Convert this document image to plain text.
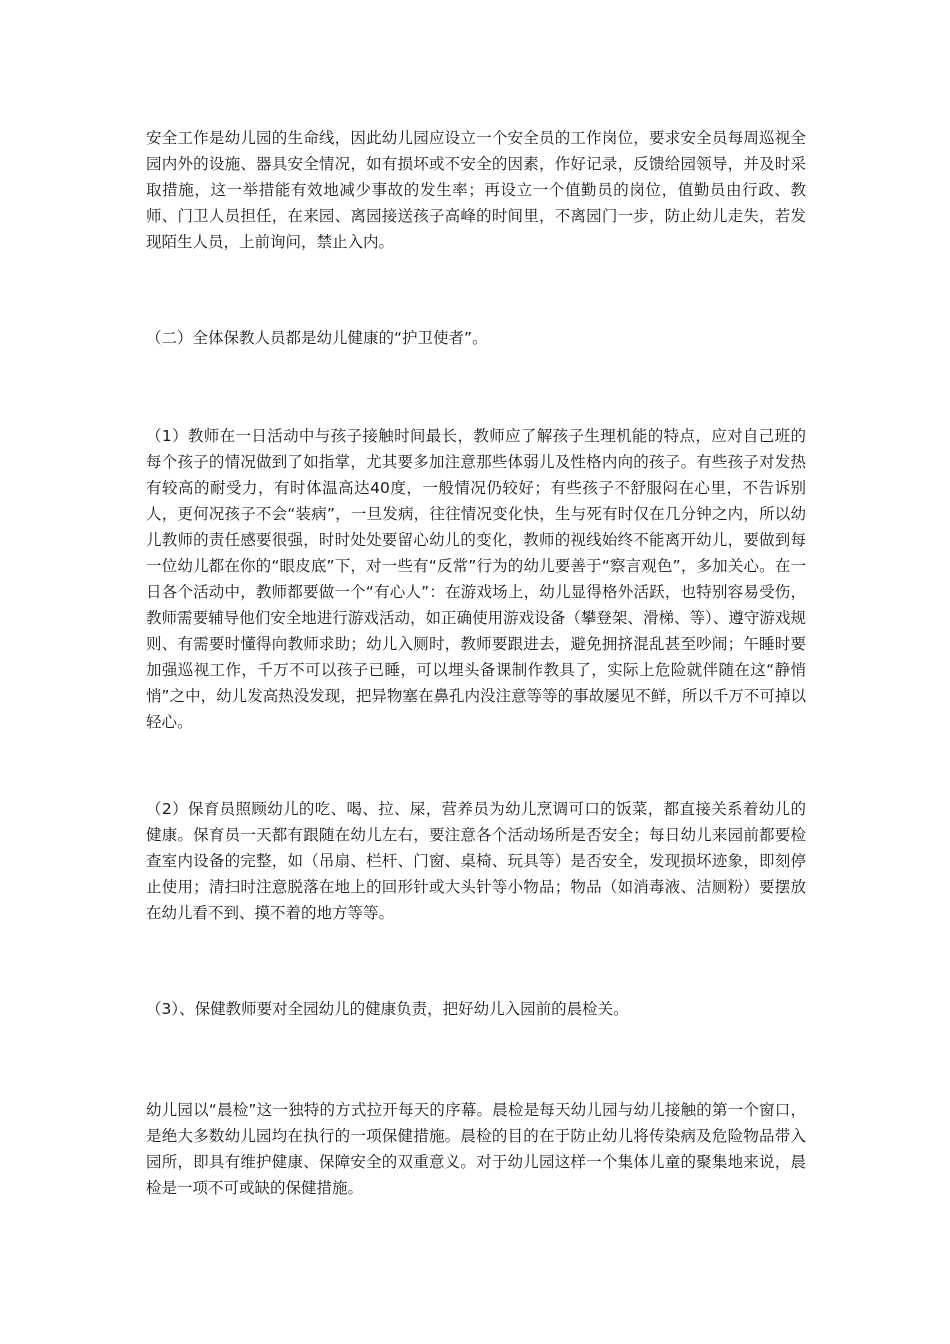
安全工作是幼儿园的生命线，因此幼儿园应设立一个安全员的工作岗位，要求安全员每周巡视全园内外的设施、器具安全情况，如有损坏或不安全的因素，作好记录，反馈给园领导，并及时采取措施，这一举措能有效地减少事故的发生率；再设立一个值勤员的岗位，值勤员由行政、教师、门卫人员担任，在来园、离园接送孩子高峰的时间里，不离园门一步，防止幼儿走失，若发现陌生人员，上前询问，禁止入内。

（二）全体保教人员都是幼儿健康的“护卫使者”。

（1）教师在一日活动中与孩子接触时间最长，教师应了解孩子生理机能的特点，应对自己班的每个孩子的情况做到了如指掌，尤其要多加注意那些体弱儿及性格内向的孩子。有些孩子对发热有较高的耐受力，有时体温高达40度，一般情况仍较好；有些孩子不舒服闷在心里，不告诉别人，更何况孩子不会“装病”，一旦发病，往往情况变化快，生与死有时仅在几分钟之内，所以幼儿教师的责任感要很强，时时处处要留心幼儿的变化，教师的视线始终不能离开幼儿，要做到每一位幼儿都在你的“眼皮底”下，对一些有“反常”行为的幼儿要善于“察言观色”，多加关心。在一日各个活动中，教师都要做一个“有心人”：在游戏场上，幼儿显得格外活跃，也特别容易受伤，教师需要辅导他们安全地进行游戏活动，如正确使用游戏设备（攀登架、滑梯、等）、遵守游戏规则、有需要时懂得向教师求助；幼儿入厕时，教师要跟进去，避免拥挤混乱甚至吵闹；午睡时要加强巡视工作，千万不可以孩子已睡，可以埋头备课制作教具了，实际上危险就伴随在这“静悄悄”之中，幼儿发高热没发现，把异物塞在鼻孔内没注意等等的事故屡见不鲜，所以千万不可掉以轻心。

（2）保育员照顾幼儿的吃、喝、拉、屎，营养员为幼儿烹调可口的饭菜，都直接关系着幼儿的健康。保育员一天都有跟随在幼儿左右，要注意各个活动场所是否安全；每日幼儿来园前都要检查室内设备的完整，如（吊扇、栏杆、门窗、桌椅、玩具等）是否安全，发现损坏迹象，即刻停止使用；清扫时注意脱落在地上的回形针或大头针等小物品；物品（如消毒液、洁厕粉）要摆放在幼儿看不到、摸不着的地方等等。

（3）、保健教师要对全园幼儿的健康负责，把好幼儿入园前的晨检关。

幼儿园以“晨检”这一独特的方式拉开每天的序幕。晨检是每天幼儿园与幼儿接触的第一个窗口，是绝大多数幼儿园均在执行的一项保健措施。晨检的目的在于防止幼儿将传染病及危险物品带入园所，即具有维护健康、保障安全的双重意义。对于幼儿园这样一个集体儿童的聚集地来说，晨检是一项不可或缺的保健措施。
